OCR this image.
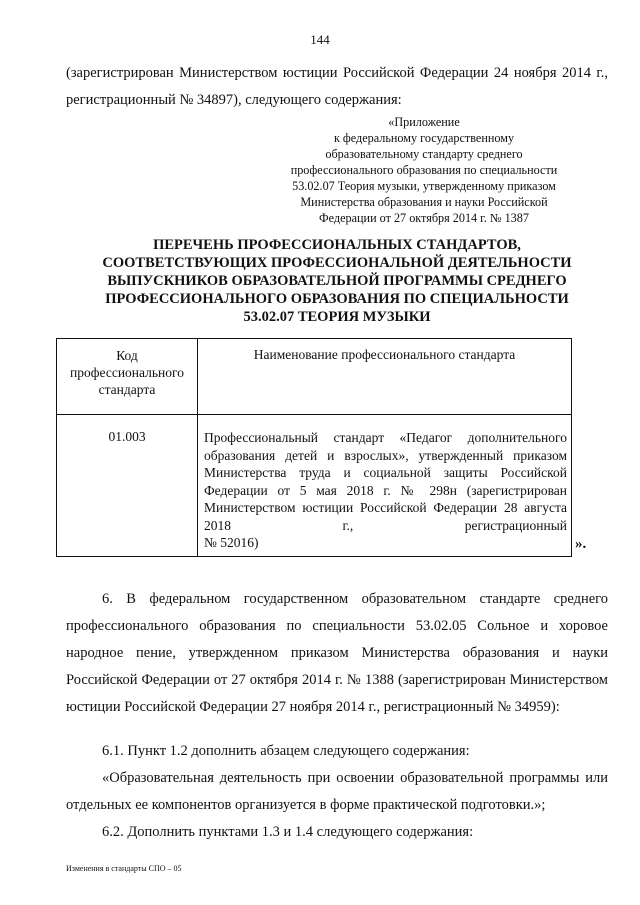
144
(зарегистрирован Министерством юстиции Российской Федерации 24 ноября 2014 г.,
регистрационный № 34897), следующего содержания:
«Приложение
к федеральному государственному
образовательному стандарту среднего
профессионального образования по специальности
53.02.07 Теория музыки, утвержденному приказом
Министерства образования и науки Российской
Федерации от 27 октября 2014 г. № 1387
ПЕРЕЧЕНЬ ПРОФЕССИОНАЛЬНЫХ СТАНДАРТОВ,
СООТВЕТСТВУЮЩИХ ПРОФЕССИОНАЛЬНОЙ ДЕЯТЕЛЬНОСТИ
ВЫПУСКНИКОВ ОБРАЗОВАТЕЛЬНОЙ ПРОГРАММЫ СРЕДНЕГО
ПРОФЕССИОНАЛЬНОГО ОБРАЗОВАНИЯ ПО СПЕЦИАЛЬНОСТИ
53.02.07 ТЕОРИЯ МУЗЫКИ
Код
профессионального
стандарта	Наименование профессионального стандарта
01.003	Профессиональный стандарт «Педагог дополнительного образования детей и взрослых», утвержденный приказом Министерства труда и социальной защиты Российской Федерации от 5 мая 2018 г. № 298н (зарегистрирован Министерством юстиции Российской Федерации 28 августа 2018 г., регистрационный
№ 52016)	».
6. В федеральном государственном образовательном стандарте среднего профессионального образования по специальности 53.02.05 Сольное и хоровое народное пение, утвержденном приказом Министерства образования и науки Российской Федерации от 27 октября 2014 г. № 1388 (зарегистрирован Министерством юстиции Российской Федерации 27 ноября 2014 г., регистрационный № 34959):
6.1. Пункт 1.2 дополнить абзацем следующего содержания:
«Образовательная деятельность при освоении образовательной программы или отдельных ее компонентов организуется в форме практической подготовки.»;
6.2. Дополнить пунктами 1.3 и 1.4 следующего содержания:
Изменения в стандарты СПО – 05
